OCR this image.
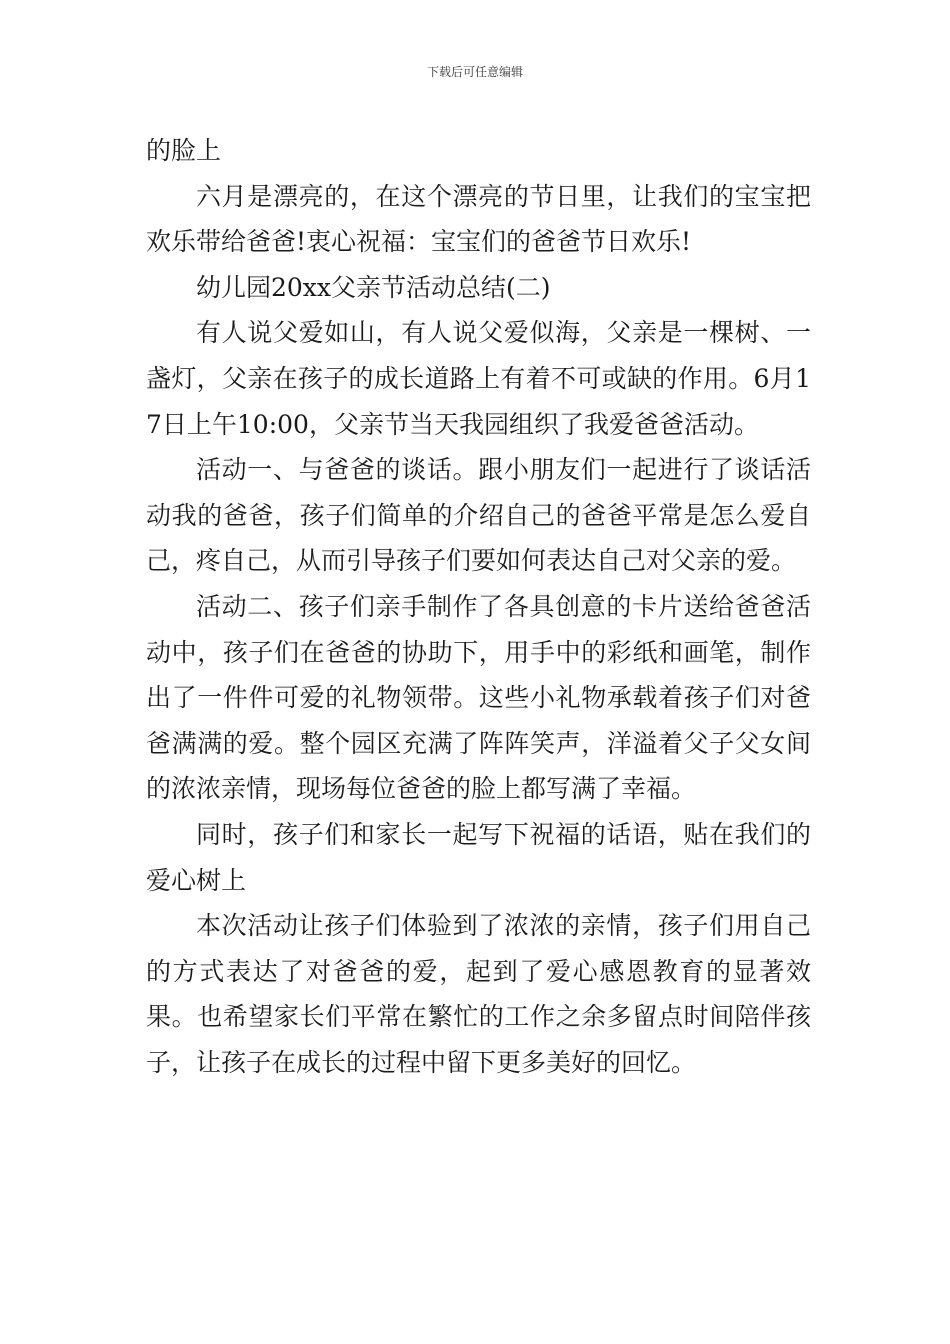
下载后可任意编辑

的脸上

六月是漂亮的，在这个漂亮的节日里，让我们的宝宝把欢乐带给爸爸!衷心祝福：宝宝们的爸爸节日欢乐!

幼儿园20xx父亲节活动总结(二)

有人说父爱如山，有人说父爱似海，父亲是一棵树、一盏灯，父亲在孩子的成长道路上有着不可或缺的作用。6月17日上午10:00，父亲节当天我园组织了我爱爸爸活动。

活动一、与爸爸的谈话。跟小朋友们一起进行了谈话活动我的爸爸，孩子们简单的介绍自己的爸爸平常是怎么爱自己，疼自己，从而引导孩子们要如何表达自己对父亲的爱。

活动二、孩子们亲手制作了各具创意的卡片送给爸爸活动中，孩子们在爸爸的协助下，用手中的彩纸和画笔，制作出了一件件可爱的礼物领带。这些小礼物承载着孩子们对爸爸满满的爱。整个园区充满了阵阵笑声，洋溢着父子父女间的浓浓亲情，现场每位爸爸的脸上都写满了幸福。

同时，孩子们和家长一起写下祝福的话语，贴在我们的爱心树上

本次活动让孩子们体验到了浓浓的亲情，孩子们用自己的方式表达了对爸爸的爱，起到了爱心感恩教育的显著效果。也希望家长们平常在繁忙的工作之余多留点时间陪伴孩子，让孩子在成长的过程中留下更多美好的回忆。
